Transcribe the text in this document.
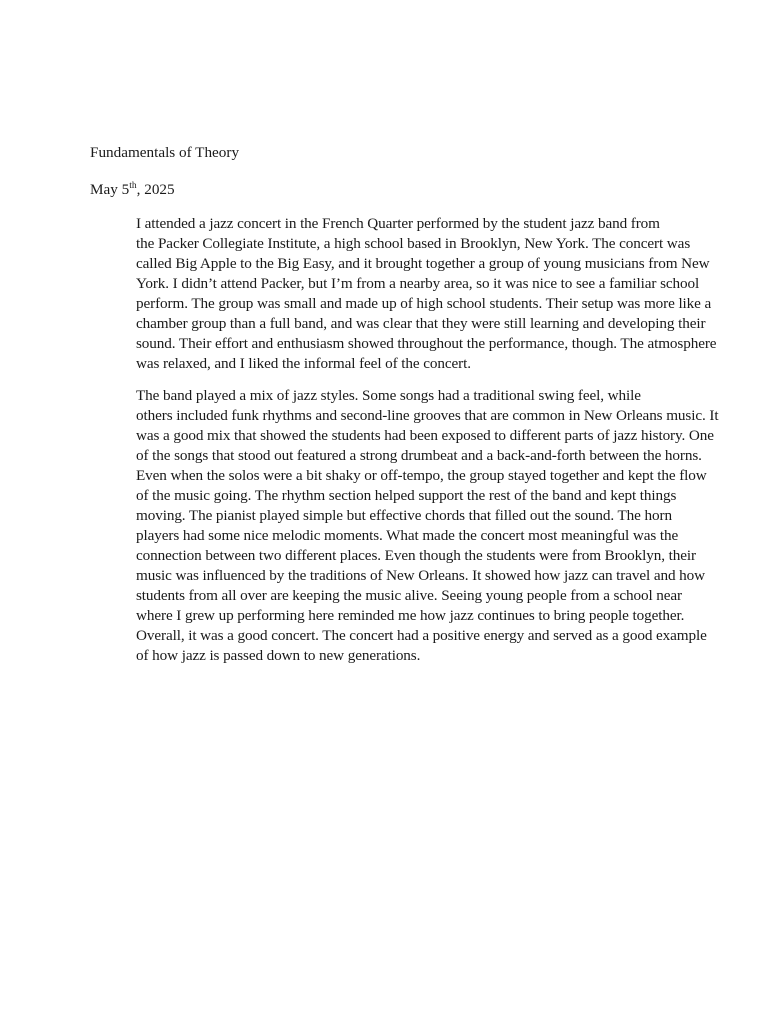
Fundamentals of Theory
May 5th, 2025

I attended a jazz concert in the French Quarter performed by the student jazz band from
the Packer Collegiate Institute, a high school based in Brooklyn, New York. The concert was
called Big Apple to the Big Easy, and it brought together a group of young musicians from New
York. I didn’t attend Packer, but I’m from a nearby area, so it was nice to see a familiar school
perform. The group was small and made up of high school students. Their setup was more like a
chamber group than a full band, and was clear that they were still learning and developing their
sound. Their effort and enthusiasm showed throughout the performance, though. The atmosphere
was relaxed, and I liked the informal feel of the concert.

The band played a mix of jazz styles. Some songs had a traditional swing feel, while
others included funk rhythms and second-line grooves that are common in New Orleans music. It
was a good mix that showed the students had been exposed to different parts of jazz history. One
of the songs that stood out featured a strong drumbeat and a back-and-forth between the horns.
Even when the solos were a bit shaky or off-tempo, the group stayed together and kept the flow
of the music going. The rhythm section helped support the rest of the band and kept things
moving. The pianist played simple but effective chords that filled out the sound. The horn
players had some nice melodic moments. What made the concert most meaningful was the
connection between two different places. Even though the students were from Brooklyn, their
music was influenced by the traditions of New Orleans. It showed how jazz can travel and how
students from all over are keeping the music alive. Seeing young people from a school near
where I grew up performing here reminded me how jazz continues to bring people together.
Overall, it was a good concert. The concert had a positive energy and served as a good example
of how jazz is passed down to new generations.
